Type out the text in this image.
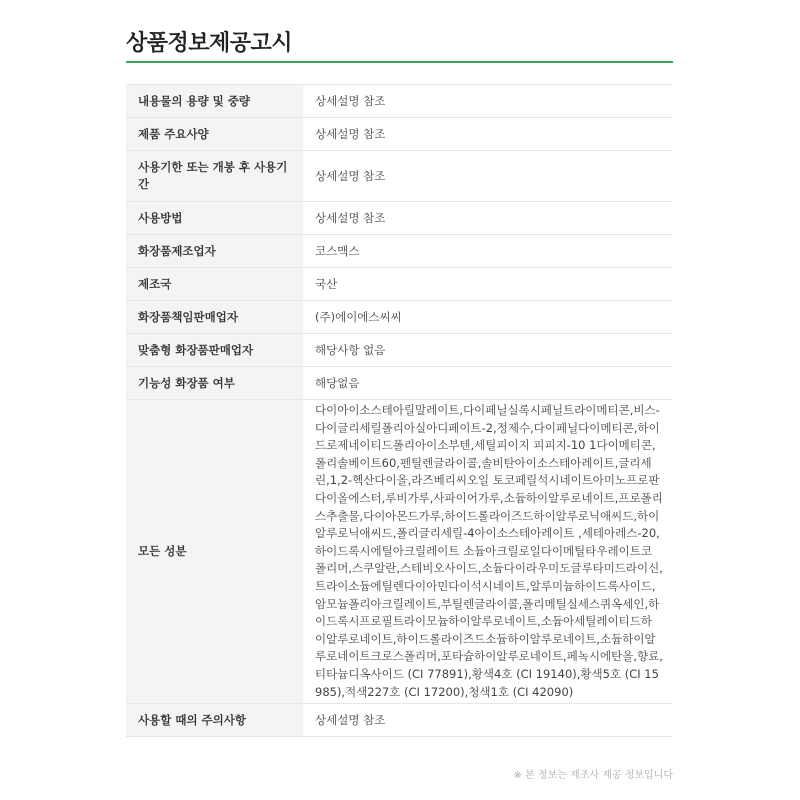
상품정보제공고시
내용물의 용량 및 중량	상세설명 참조
제품 주요사양	상세설명 참조
사용기한 또는 개봉 후 사용기간	상세설명 참조
사용방법	상세설명 참조
화장품제조업자	코스맥스
제조국	국산
화장품책임판매업자	(주)에이에스씨씨
맞춤형 화장품판매업자	해당사항 없음
기능성 화장품 여부	해당없음
모든 성분	다이아이소스테아릴말레이트,다이페닐실록시페닐트라이메티콘,비스-다이글리세릴폴리아실아디페이트-2,정제수,다이페닐다이메티콘,하이드로제네이티드폴리아이소부텐,세틸피이지 피피지-10 1다이메티콘,폴리솔베이트60,펜틸렌글라이콜,솔비탄아이소스테아레이트,글리세린,1,2-헥산다이올,라즈베리씨오일 토코페릴석시네이트아미노프로판다이올에스터,루비가루,사파이어가루,소듐하이알루로네이트,프로폴리스추출물,다이아몬드가루,하이드롤라이즈드하이알루로닉애씨드,하이알루로닉애씨드,폴리글리세릴-4아이소스테아레이트 ,세테아레스-20,하이드록시에틸아크릴레이트 소듐아크릴로일다이메틸타우레이트코폴리머,스쿠알란,스테비오사이드,소듐다이라우미도글루타미드라이신,트라이소듐에틸렌다이아민다이석시네이트,알루미늄하이드록사이드, 암모늄폴리아크릴레이트,부틸렌글라이콜,폴리메틸실세스퀴옥세인,하이드록시프로필트라이모늄하이알루로네이트,소듐아세틸레이티드하이알루로네이트,하이드롤라이즈드소듐하이알루로네이트,소듐하이알루로네이트크로스폴리머,포타슘하이알루로네이트,페녹시에탄올,향료,티타늄디옥사이드 (CI 77891),황색4호 (CI 19140),황색5호 (CI 15985),적색227호 (CI 17200),청색1호 (CI 42090)
사용할 때의 주의사항	상세설명 참조
※ 본 정보는 제조사 제공 정보입니다
